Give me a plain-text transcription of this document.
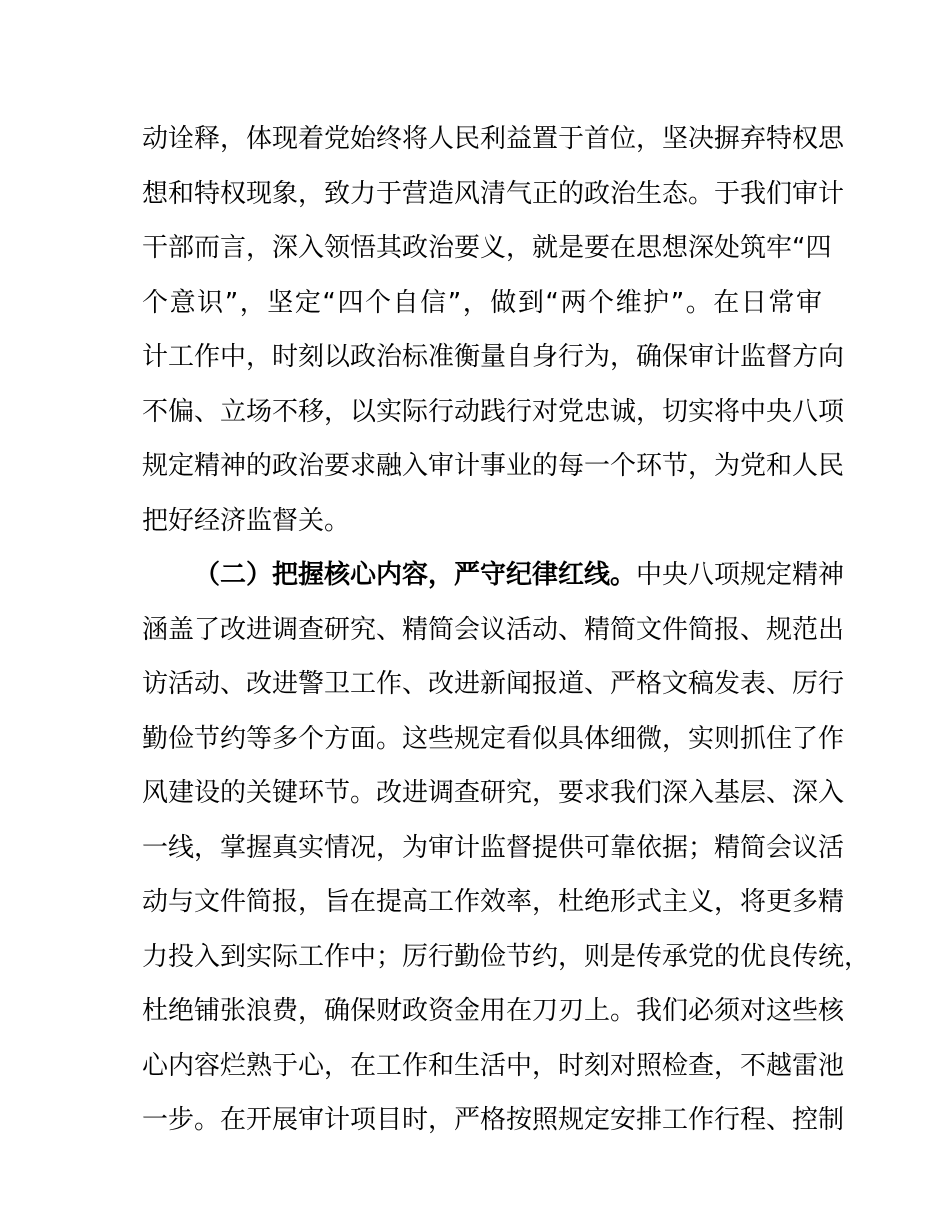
动诠释，体现着党始终将人民利益置于首位，坚决摒弃特权思
想和特权现象，致力于营造风清气正的政治生态。于我们审计
干部而言，深入领悟其政治要义，就是要在思想深处筑牢“四
个意识”，坚定“四个自信”，做到“两个维护”。在日常审
计工作中，时刻以政治标准衡量自身行为，确保审计监督方向
不偏、立场不移，以实际行动践行对党忠诚，切实将中央八项
规定精神的政治要求融入审计事业的每一个环节，为党和人民
把好经济监督关。
（二）把握核心内容，严守纪律红线。中央八项规定精神
涵盖了改进调查研究、精简会议活动、精简文件简报、规范出
访活动、改进警卫工作、改进新闻报道、严格文稿发表、厉行
勤俭节约等多个方面。这些规定看似具体细微，实则抓住了作
风建设的关键环节。改进调查研究，要求我们深入基层、深入
一线，掌握真实情况，为审计监督提供可靠依据；精简会议活
动与文件简报，旨在提高工作效率，杜绝形式主义，将更多精
力投入到实际工作中；厉行勤俭节约，则是传承党的优良传统，
杜绝铺张浪费，确保财政资金用在刀刃上。我们必须对这些核
心内容烂熟于心，在工作和生活中，时刻对照检查，不越雷池
一步。在开展审计项目时，严格按照规定安排工作行程、控制
